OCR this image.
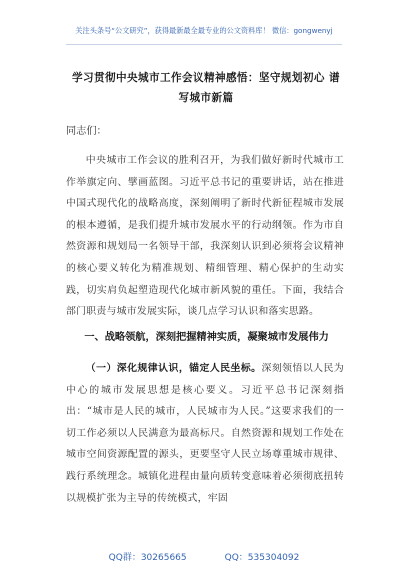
关注头条号“公文研究”，获得最新最全最专业的公文资料库！ 微信：gongwenyj
学习贯彻中央城市工作会议精神感悟：坚守规划初心 谱写城市新篇
同志们：
中央城市工作会议的胜利召开，为我们做好新时代城市工作举旗定向、擘画蓝图。习近平总书记的重要讲话，站在推进中国式现代化的战略高度，深刻阐明了新时代新征程城市发展的根本遵循，是我们提升城市发展水平的行动纲领。作为市自然资源和规划局一名领导干部，我深刻认识到必须将会议精神的核心要义转化为精准规划、精细管理、精心保护的生动实践，切实肩负起塑造现代化城市新风貌的重任。下面，我结合部门职责与城市发展实际，谈几点学习认识和落实思路。
一、战略领航，深刻把握精神实质，凝聚城市发展伟力
（一）深化规律认识，锚定人民坐标。深刻领悟以人民为中心的城市发展思想是核心要义。习近平总书记深刻指出：“城市是人民的城市，人民城市为人民。”这要求我们的一切工作必须以人民满意为最高标尺。自然资源和规划工作处在城市空间资源配置的源头，更要坚守人民立场尊重城市规律、践行系统理念。城镇化进程由量向质转变意味着必须彻底扭转以规模扩张为主导的传统模式，牢固
QQ群：30265665	QQ：535304092
